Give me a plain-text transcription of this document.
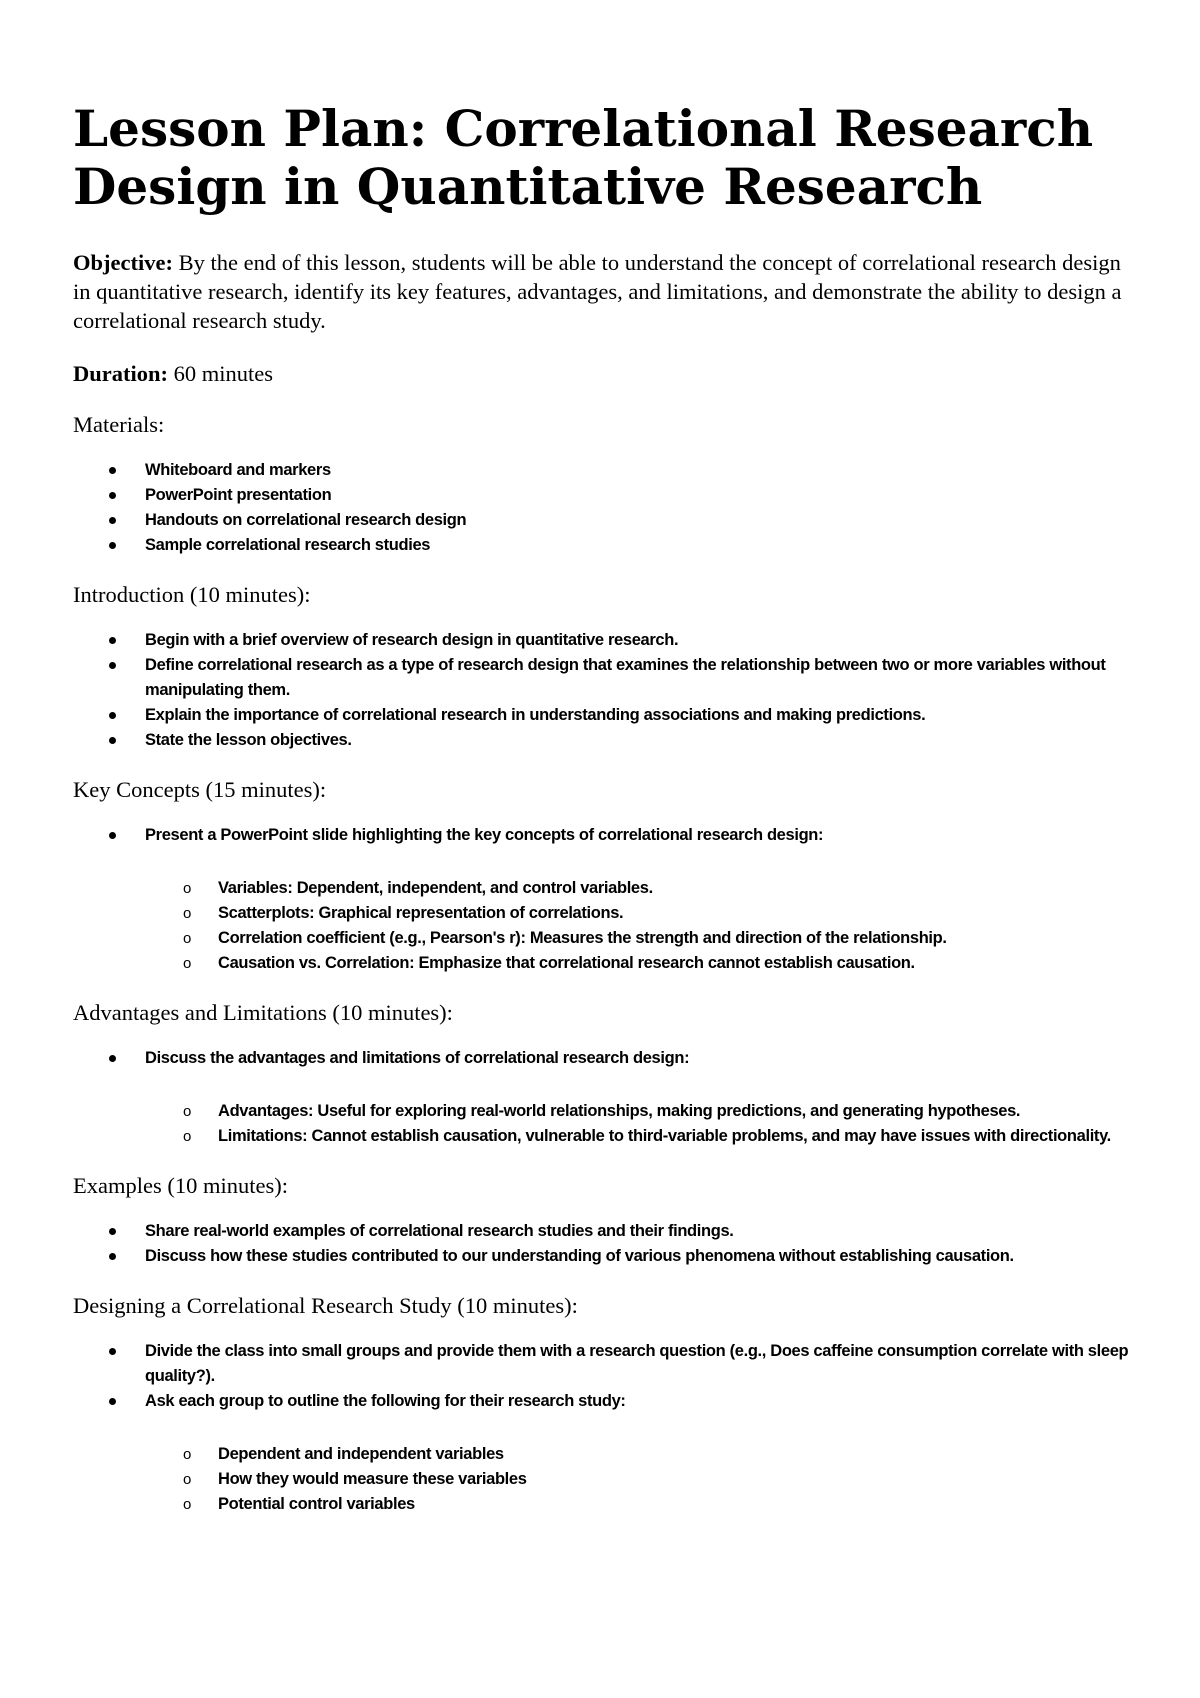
Lesson Plan: Correlational Research Design in Quantitative Research

Objective: By the end of this lesson, students will be able to understand the concept of correlational research design in quantitative research, identify its key features, advantages, and limitations, and demonstrate the ability to design a correlational research study.

Duration: 60 minutes

Materials:

Whiteboard and markers
PowerPoint presentation
Handouts on correlational research design
Sample correlational research studies

Introduction (10 minutes):

Begin with a brief overview of research design in quantitative research.
Define correlational research as a type of research design that examines the relationship between two or more variables without manipulating them.
Explain the importance of correlational research in understanding associations and making predictions.
State the lesson objectives.

Key Concepts (15 minutes):

Present a PowerPoint slide highlighting the key concepts of correlational research design:
o Variables: Dependent, independent, and control variables.
o Scatterplots: Graphical representation of correlations.
o Correlation coefficient (e.g., Pearson's r): Measures the strength and direction of the relationship.
o Causation vs. Correlation: Emphasize that correlational research cannot establish causation.

Advantages and Limitations (10 minutes):

Discuss the advantages and limitations of correlational research design:
o Advantages: Useful for exploring real-world relationships, making predictions, and generating hypotheses.
o Limitations: Cannot establish causation, vulnerable to third-variable problems, and may have issues with directionality.

Examples (10 minutes):

Share real-world examples of correlational research studies and their findings.
Discuss how these studies contributed to our understanding of various phenomena without establishing causation.

Designing a Correlational Research Study (10 minutes):

Divide the class into small groups and provide them with a research question (e.g., Does caffeine consumption correlate with sleep quality?).
Ask each group to outline the following for their research study:
o Dependent and independent variables
o How they would measure these variables
o Potential control variables
